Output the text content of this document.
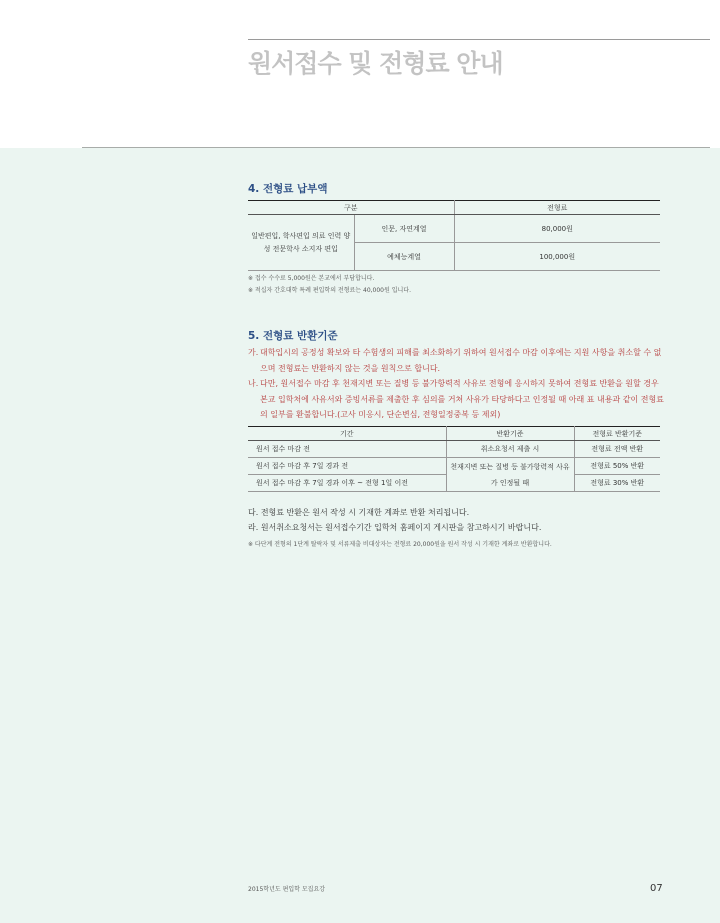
원서접수 및 전형료 안내
4. 전형료 납부액
구분		전형료
일반편입, 학사편입 의료 인력 양성 전문학사 소지자 편입	인문, 자연계열	80,000원
	예체능계열	100,000원
※ 접수 수수료 5,000원은 본교에서 부담합니다.
※ 적십자 간호대학 특례 편입학의 전형료는 40,000원 입니다.
5. 전형료 반환기준
가. 대학입시의 공정성 확보와 타 수험생의 피해를 최소화하기 위하여 원서접수 마감 이후에는 지원 사항을 취소할 수 없으며 전형료는 반환하지 않는 것을 원칙으로 합니다.
나. 다만, 원서접수 마감 후 천재지변 또는 질병 등 불가항력적 사유로 전형에 응시하지 못하여 전형료 반환을 원할 경우 본교 입학처에 사유서와 증빙서류를 제출한 후 심의를 거쳐 사유가 타당하다고 인정될 때 아래 표 내용과 같이 전형료의 일부를 환불합니다.(고사 미응시, 단순변심, 전형일정중복 등 제외)
기간	반환기준	전형료 반환기준
원서 접수 마감 전	취소요청서 제출 시	전형료 전액 반환
원서 접수 마감 후 7일 경과 전	천재지변 또는 질병 등 불가항력적 사유가 인정될 때	전형료 50% 반환
원서 접수 마감 후 7일 경과 이후 ~ 전형 1일 이전		전형료 30% 반환
다. 전형료 반환은 원서 작성 시 기재한 계좌로 반환 처리됩니다.
라. 원서취소요청서는 원서접수기간 입학처 홈페이지 게시판을 참고하시기 바랍니다.
※ 다단계 전형의 1단계 탈락자 및 서류제출 비대상자는 전형료 20,000원을 원서 작성 시 기재한 계좌로 반환합니다.
2015학년도 편입학 모집요강	07
